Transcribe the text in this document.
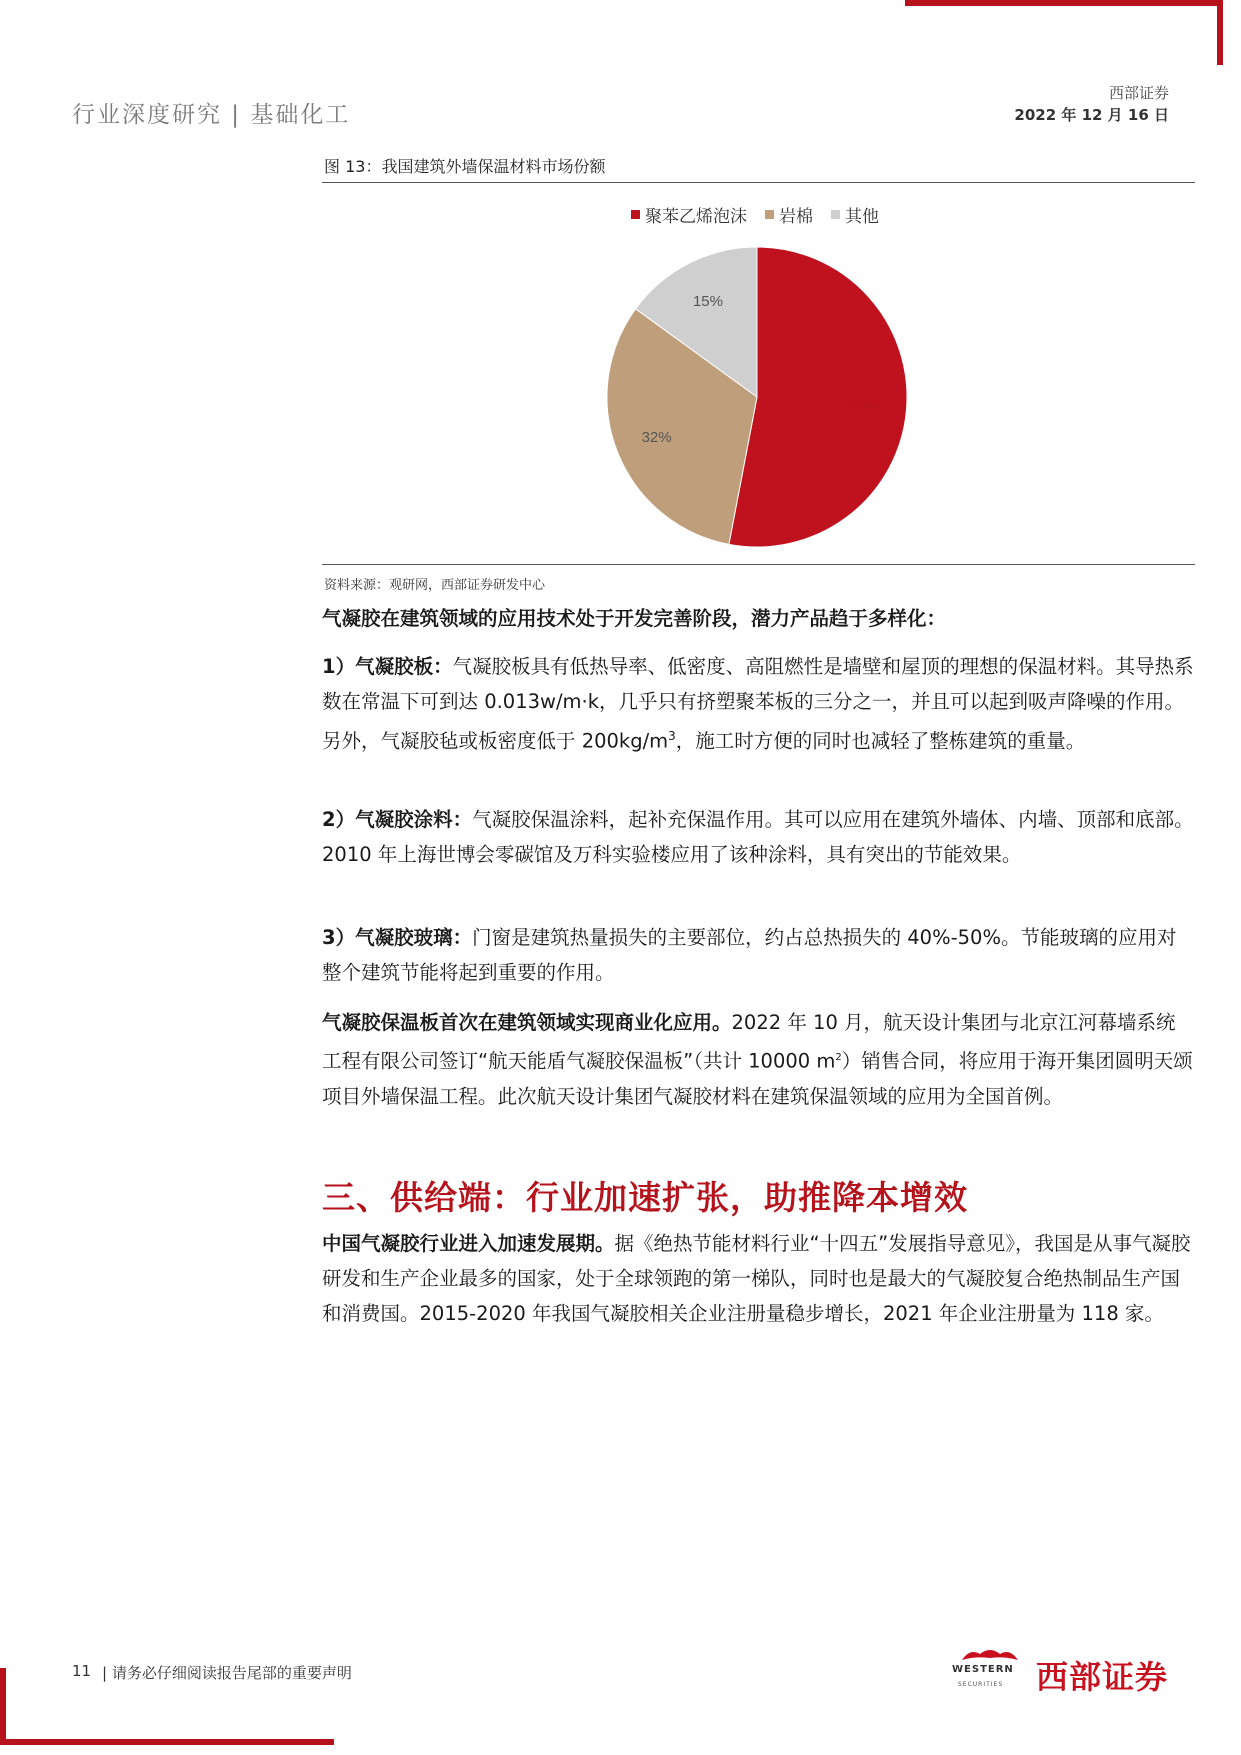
行业深度研究 | 基础化工
西部证券
2022 年 12 月 16 日
图 13：我国建筑外墙保温材料市场份额
聚苯乙烯泡沫 岩棉 其他
53%
32%
15%
资料来源：观研网，西部证券研发中心
气凝胶在建筑领域的应用技术处于开发完善阶段，潜力产品趋于多样化：
1）气凝胶板：气凝胶板具有低热导率、低密度、高阻燃性是墙壁和屋顶的理想的保温材料。其导热系数在常温下可到达 0.013w/m·k，几乎只有挤塑聚苯板的三分之一，并且可以起到吸声降噪的作用。另外，气凝胶毡或板密度低于 $200kg/m^3$，施工时方便的同时也减轻了整栋建筑的重量。
2）气凝胶涂料：气凝胶保温涂料，起补充保温作用。其可以应用在建筑外墙体、内墙、顶部和底部。2010 年上海世博会零碳馆及万科实验楼应用了该种涂料，具有突出的节能效果。
3）气凝胶玻璃：门窗是建筑热量损失的主要部位，约占总热损失的 40%-50%。节能玻璃的应用对整个建筑节能将起到重要的作用。
气凝胶保温板首次在建筑领域实现商业化应用。2022 年 10 月，航天设计集团与北京江河幕墙系统工程有限公司签订“航天能盾气凝胶保温板”（共计 10000 $m^2$）销售合同，将应用于海开集团圆明天颂项目外墙保温工程。此次航天设计集团气凝胶材料在建筑保温领域的应用为全国首例。
三、供给端：行业加速扩张，助推降本增效
中国气凝胶行业进入加速发展期。据《绝热节能材料行业“十四五”发展指导意见》，我国是从事气凝胶研发和生产企业最多的国家，处于全球领跑的第一梯队，同时也是最大的气凝胶复合绝热制品生产国和消费国。2015-2020 年我国气凝胶相关企业注册量稳步增长，2021 年企业注册量为 118 家。
11 | 请务必仔细阅读报告尾部的重要声明	WESTERN
SECURITIES 西部证券
